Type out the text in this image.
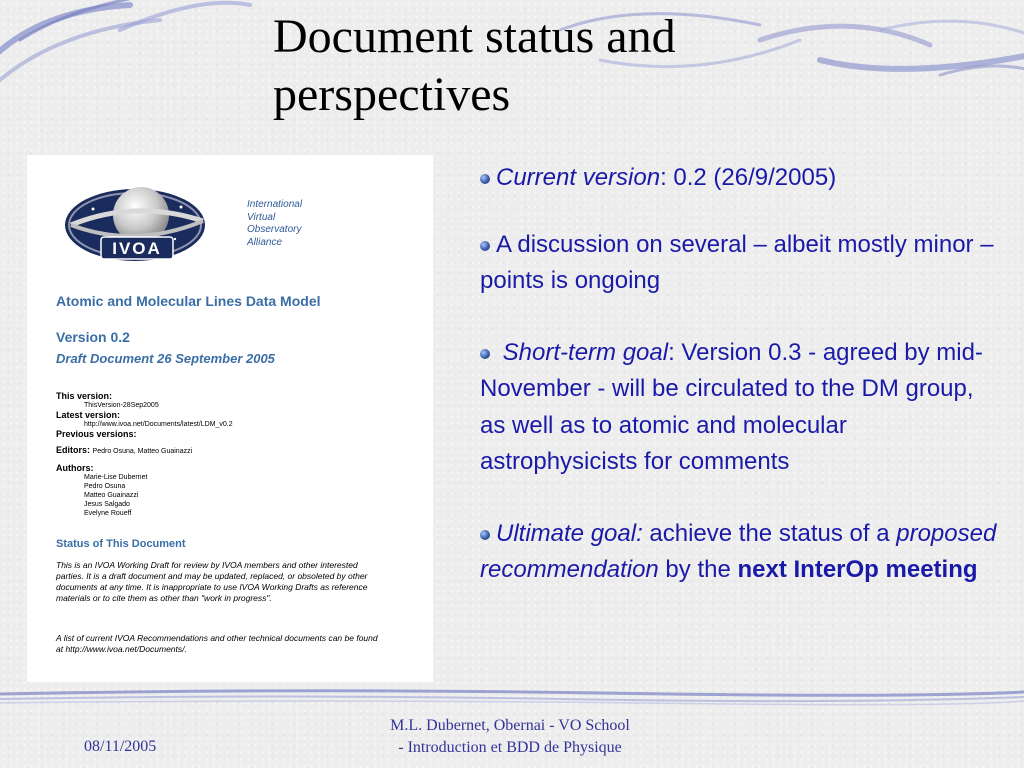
Document status and perspectives
IVOA
International
Virtual
Observatory
Alliance
Atomic and Molecular Lines Data Model
Version 0.2
Draft Document 26 September 2005
This version:
ThisVersion-28Sep2005
Latest version:
http://www.ivoa.net/Documents/latest/LDM_v0.2
Previous versions:
Editors: Pedro Osuna, Matteo Guainazzi
Authors:
Marie-Lise Dubernet
Pedro Osuna
Matteo Guainazzi
Jesus Salgado
Evelyne Roueff
Status of This Document
This is an IVOA Working Draft for review by IVOA members and other interested parties. It is a draft document and may be updated, replaced, or obsoleted by other documents at any time. It is inappropriate to use IVOA Working Drafts as reference materials or to cite them as other than "work in progress".
A list of current IVOA Recommendations and other technical documents can be found at http://www.ivoa.net/Documents/.
Current version: 0.2 (26/9/2005)
A discussion on several – albeit mostly minor – points is ongoing
Short-term goal: Version 0.3 - agreed by mid-November - will be circulated to the DM group, as well as to atomic and molecular astrophysicists for comments
Ultimate goal: achieve the status of a proposed recommendation by the next InterOp meeting
08/11/2005
M.L. Dubernet, Obernai - VO School
- Introduction et BDD de Physique
